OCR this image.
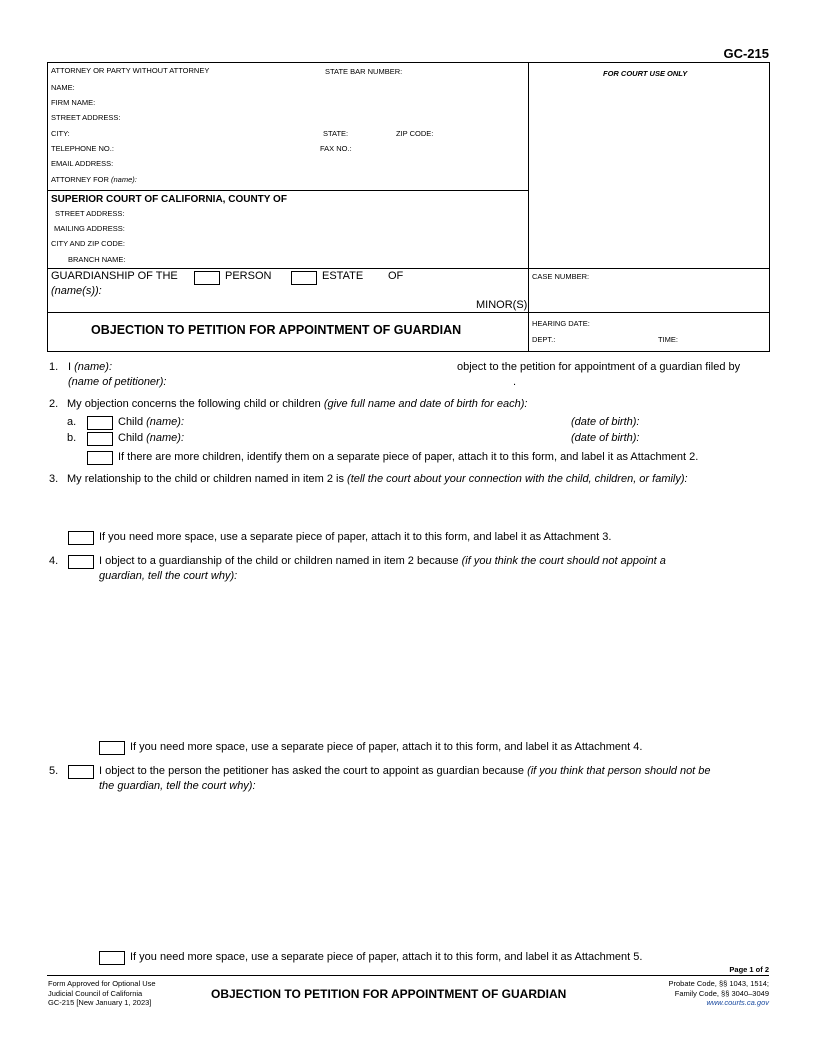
GC-215
ATTORNEY OR PARTY WITHOUT ATTORNEY	STATE BAR NUMBER:	FOR COURT USE ONLY
NAME:
FIRM NAME:
STREET ADDRESS:
CITY:	STATE:	ZIP CODE:
TELEPHONE NO.:	FAX NO.:
EMAIL ADDRESS:
ATTORNEY FOR (name):
SUPERIOR COURT OF CALIFORNIA, COUNTY OF
STREET ADDRESS:
MAILING ADDRESS:
CITY AND ZIP CODE:
BRANCH NAME:
GUARDIANSHIP OF THE	PERSON	ESTATE OF
(name(s)):
MINOR(S)
CASE NUMBER:
OBJECTION TO PETITION FOR APPOINTMENT OF GUARDIAN	HEARING DATE:
DEPT.:	TIME:
1. I (name):	object to the petition for appointment of a guardian filed by
(name of petitioner):	.
2. My objection concerns the following child or children (give full name and date of birth for each):
a.	Child (name):	(date of birth):
b.	Child (name):	(date of birth):
If there are more children, identify them on a separate piece of paper, attach it to this form, and label it as Attachment 2.
3. My relationship to the child or children named in item 2 is (tell the court about your connection with the child, children, or family):
If you need more space, use a separate piece of paper, attach it to this form, and label it as Attachment 3.
4.	I object to a guardianship of the child or children named in item 2 because (if you think the court should not appoint a
guardian, tell the court why):
If you need more space, use a separate piece of paper, attach it to this form, and label it as Attachment 4.
5.	I object to the person the petitioner has asked the court to appoint as guardian because (if you think that person should not be
the guardian, tell the court why):
If you need more space, use a separate piece of paper, attach it to this form, and label it as Attachment 5.
Page 1 of 2
Form Approved for Optional Use
Judicial Council of California
GC-215 [New January 1, 2023]
OBJECTION TO PETITION FOR APPOINTMENT OF GUARDIAN
Probate Code, §§ 1043, 1514;
Family Code, §§ 3040–3049
www.courts.ca.gov
